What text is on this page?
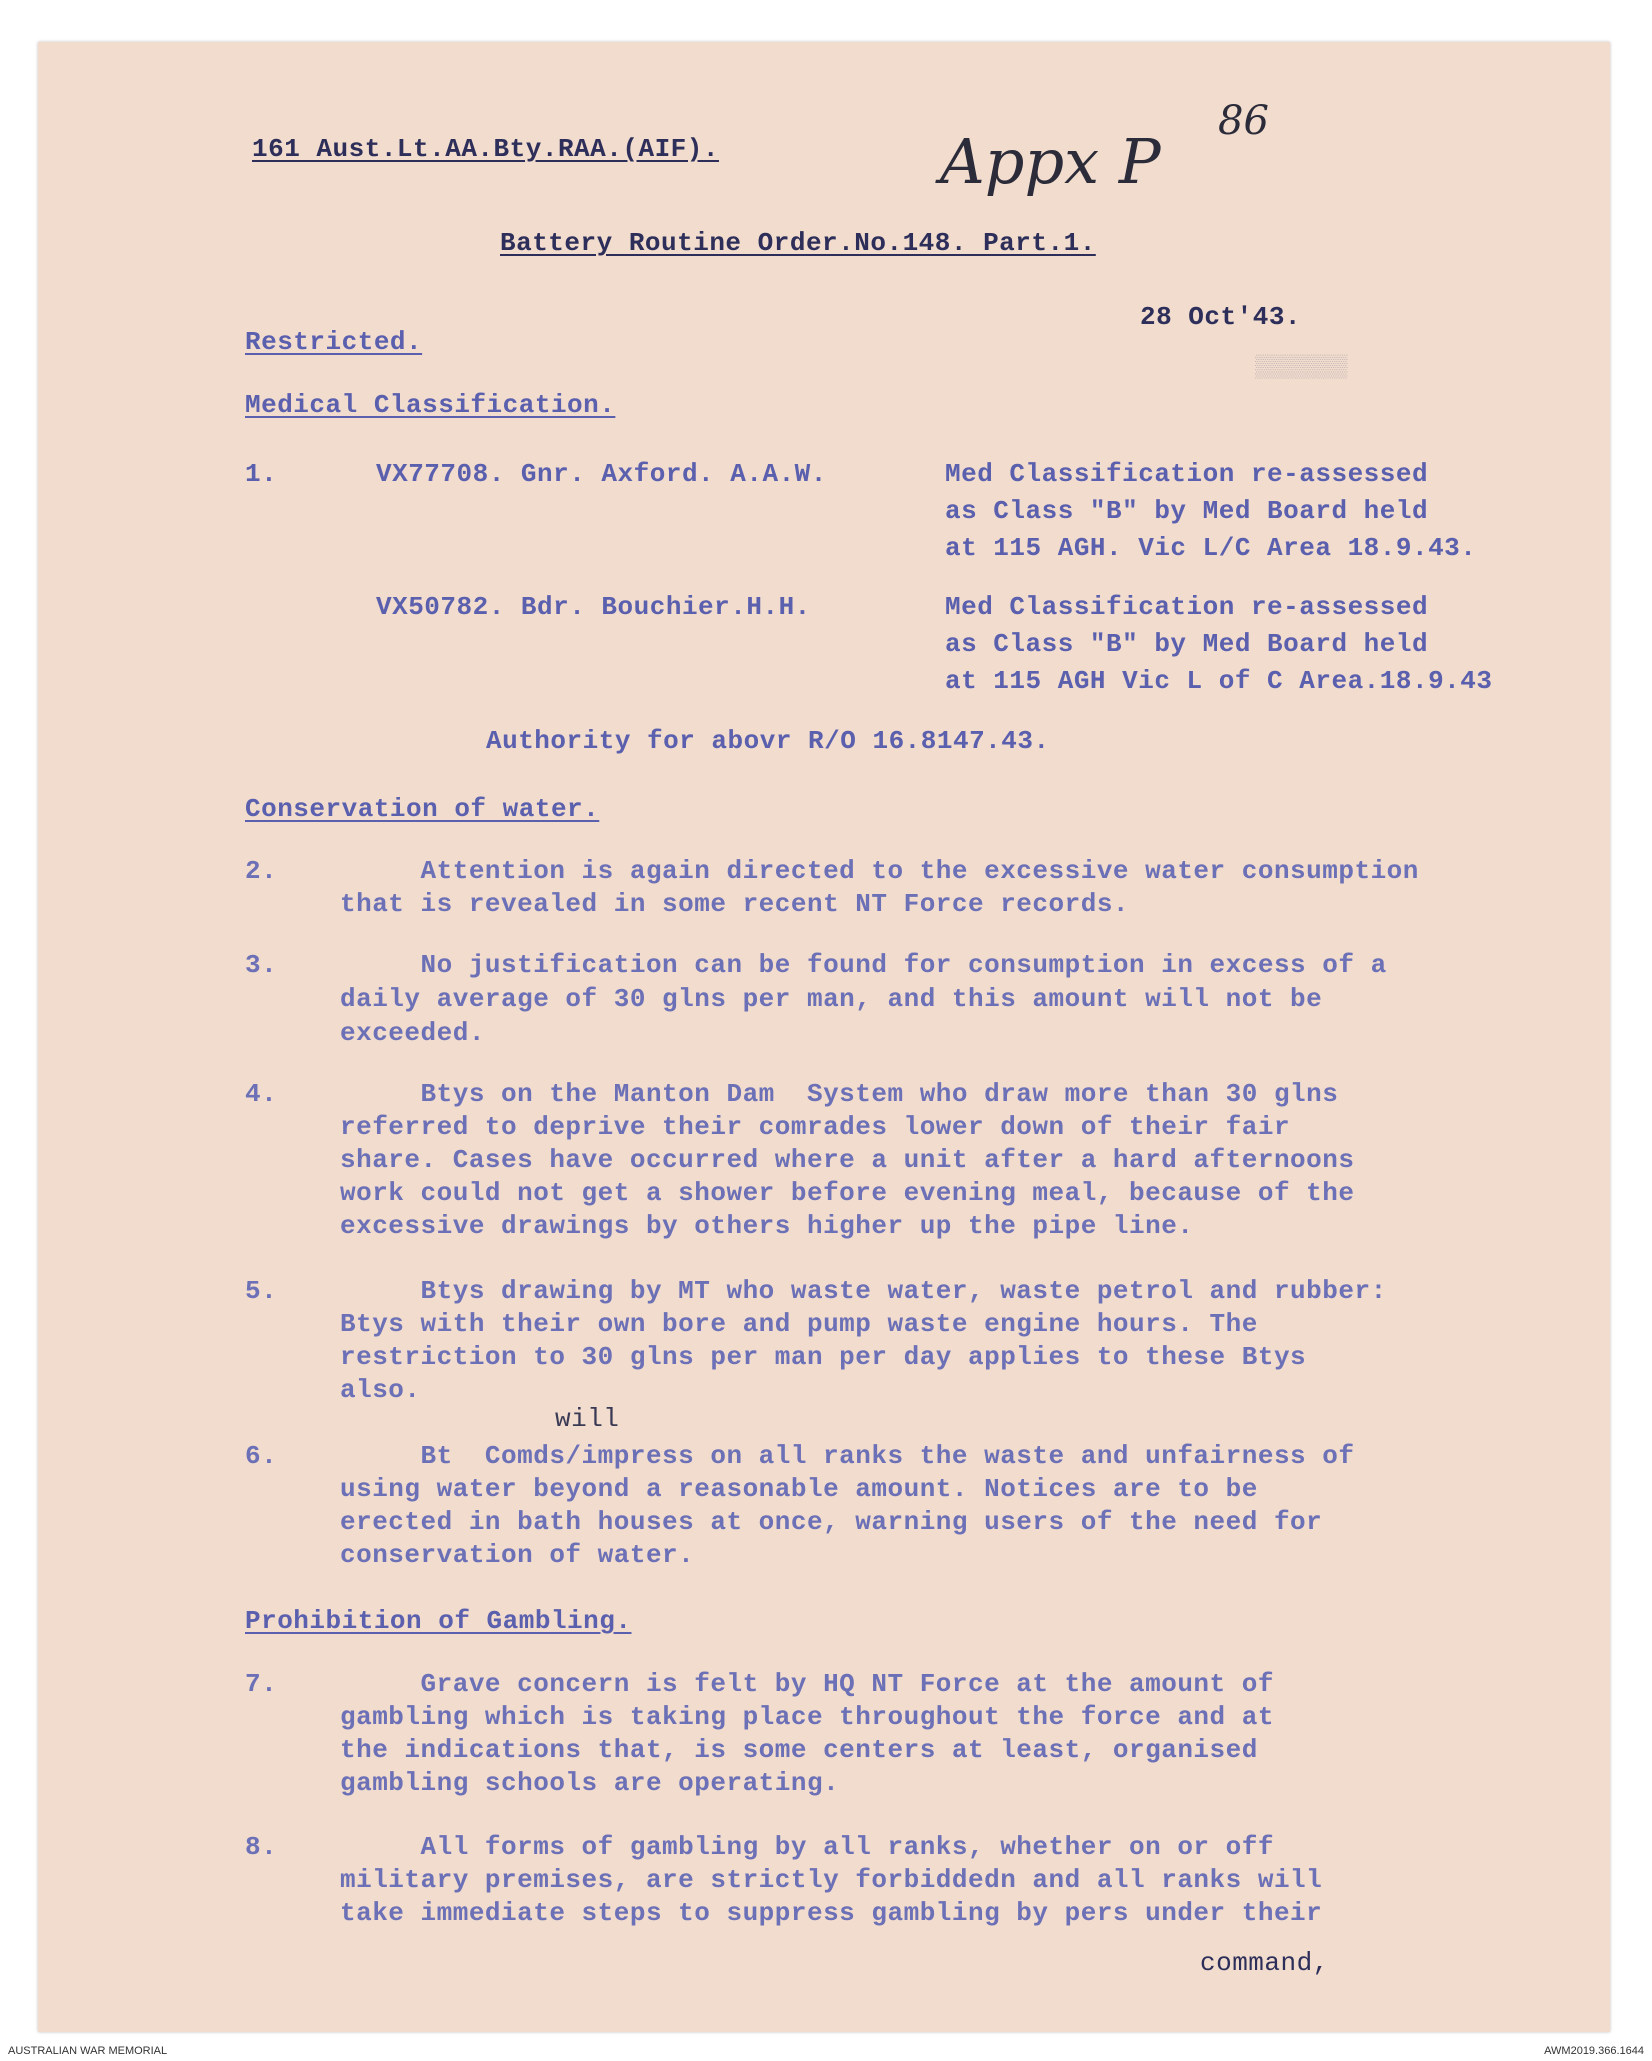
86
Appx P
▒▒▒▒▒▒▒
161 Aust.Lt.AA.Bty.RAA.(AIF).
Battery Routine Order.No.148. Part.1.
28 Oct'43.
Restricted.
Medical Classification.
1.	VX77708. Gnr. Axford. A.A.W.	Med Classification re-assessed
as Class "B" by Med Board held
at 115 AGH. Vic L/C Area 18.9.43.
VX50782. Bdr. Bouchier.H.H.	Med Classification re-assessed
as Class "B" by Med Board held
at 115 AGH Vic L of C Area.18.9.43
Authority for abovr R/O 16.8147.43.
Conservation of water.
2. Attention is again directed to the excessive water consumption
that is revealed in some recent NT Force records.
3. No justification can be found for consumption in excess of a
daily average of 30 glns per man, and this amount will not be
exceeded.
4. Btys on the Manton Dam  System who draw more than 30 glns
referred to deprive their comrades lower down of their fair
share. Cases have occurred where a unit after a hard afternoons
work could not get a shower before evening meal, because of the
excessive drawings by others higher up the pipe line.
5. Btys drawing by MT who waste water, waste petrol and rubber:
Btys with their own bore and pump waste engine hours. The
restriction to 30 glns per man per day applies to these Btys
also.
will
6. Bt  Comds/impress on all ranks the waste and unfairness of
using water beyond a reasonable amount. Notices are to be
erected in bath houses at once, warning users of the need for
conservation of water.
Prohibition of Gambling.
7. Grave concern is felt by HQ NT Force at the amount of
gambling which is taking place throughout the force and at
the indications that, is some centers at least, organised
gambling schools are operating.
8. All forms of gambling by all ranks, whether on or off
military premises, are strictly forbiddedn and all ranks will
take immediate steps to suppress gambling by pers under their
command,
AUSTRALIAN WAR MEMORIAL	AWM2019.366.1644
